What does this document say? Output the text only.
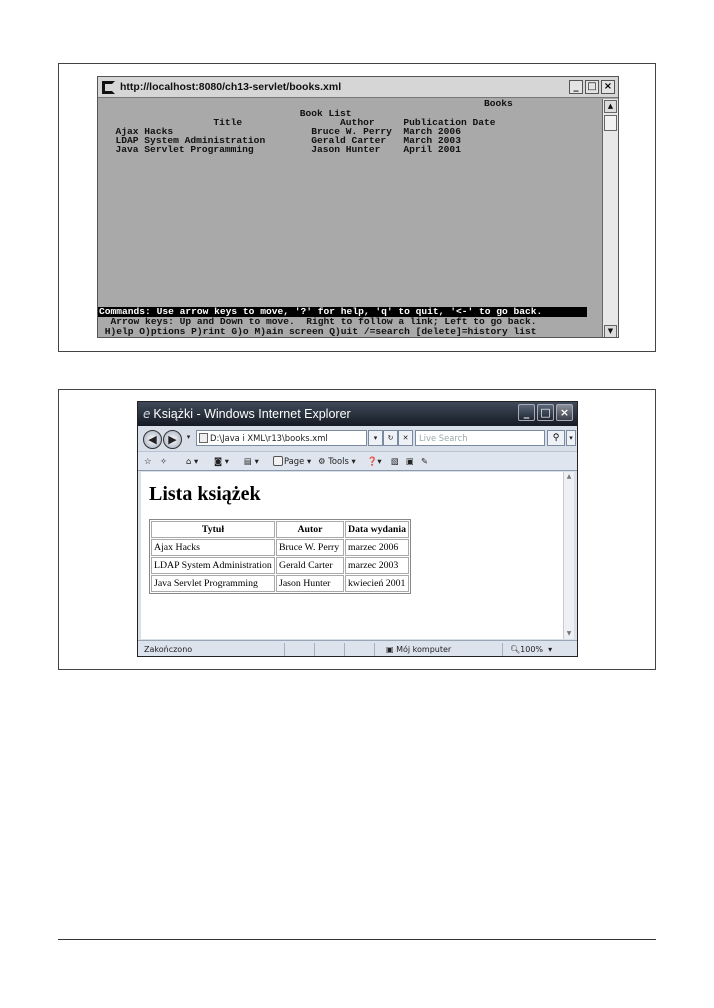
http://localhost:8080/ch13-servlet/books.xml	_ □ ×
Books
Book List
Title                 Author     Publication Date
Ajax Hacks                        Bruce W. Perry  March 2006
LDAP System Administration        Gerald Carter   March 2003
Java Servlet Programming          Jason Hunter    April 2001
Commands: Use arrow keys to move, '?' for help, 'q' to quit, '<-' to go back.
Arrow keys: Up and Down to move.  Right to follow a link; Left to go back.
H)elp O)ptions P)rint G)o M)ain screen Q)uit /=search [delete]=history list
▲
▼
e Książki - Windows Internet Explorer	_	□ ×
◀	▶	▾	D:\Java i XML\r13\books.xml	▾	↻	✕	Live Search	⚲	▾
☆ ✧ ⌂ ▾ ◙ ▾ ▤ ▾	Page ▾ ⚙ Tools ▾ ❓▾ ▧ ▣ ✎
Lista książek
Tytuł	Autor	Data wydania
Ajax Hacks	Bruce W. Perry	marzec 2006
LDAP System Administration	Gerald Carter	marzec 2003
Java Servlet Programming	Jason Hunter	kwiecień 2001
▲
▼
Zakończono	▣ Mój komputer	🔍︎100%  ▾
